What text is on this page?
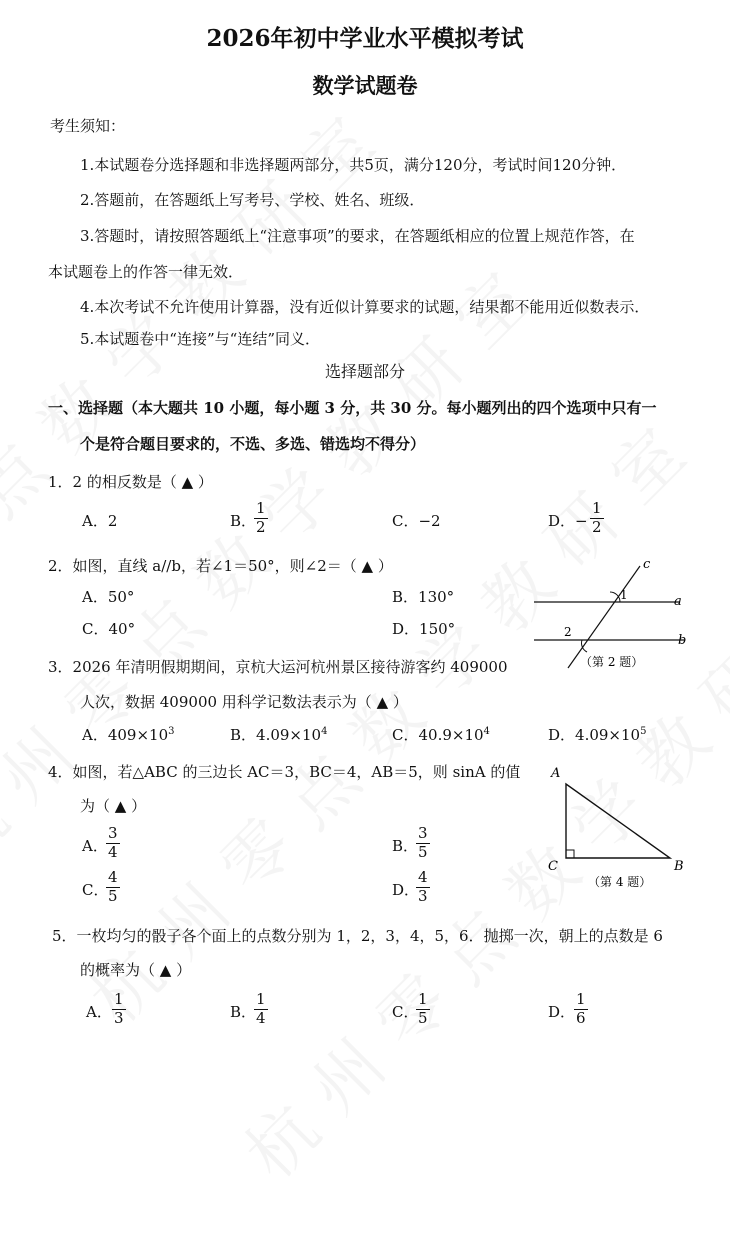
2026年初中学业水平模拟考试
数学试题卷
考生须知：
1.本试题卷分选择题和非选择题两部分，共5页，满分120分，考试时间120分钟．
2.答题前，在答题纸上写考号、学校、姓名、班级．
3.答题时，请按照答题纸上“注意事项”的要求，在答题纸相应的位置上规范作答，在
本试题卷上的作答一律无效．
4.本次考试不允许使用计算器，没有近似计算要求的试题，结果都不能用近似数表示．
5.本试题卷中“连接”与“连结”同义．
选择题部分
一、选择题（本大题共 10 小题，每小题 3 分，共 30 分。每小题列出的四个选项中只有一
个是符合题目要求的，不选、多选、错选均不得分）
1．2 的相反数是（ ▲ ）
A．2	B．
1
2	C．−2	D．−
1
2
2．如图，直线 a//b，若∠1＝50°，则∠2＝（ ▲ ）
A．50°	B．130°
C．40°	D．150°
c
a
b
1
2
（第 2 题）
3．2026 年清明假期期间，京杭大运河杭州景区接待游客约 409000
人次，数据 409000 用科学记数法表示为（ ▲ ）
A．$409\times 10^3$	B．$4.09\times 10^4$	C．$40.9\times 10^4$	D．$4.09\times 10^5$
4．如图，若△ABC 的三边长 AC＝3，BC＝4，AB＝5，则 sinA 的值
为（ ▲ ）
A．
3
4	B．
3
5
C．
4
5	D．
4
3
A
C	B
（第 4 题）
5．一枚均匀的骰子各个面上的点数分别为 1，2，3，4，5，6．抛掷一次，朝上的点数是 6
的概率为（ ▲ ）
A．
1
3	B．
1
4	C．
1
5	D．
1
6
